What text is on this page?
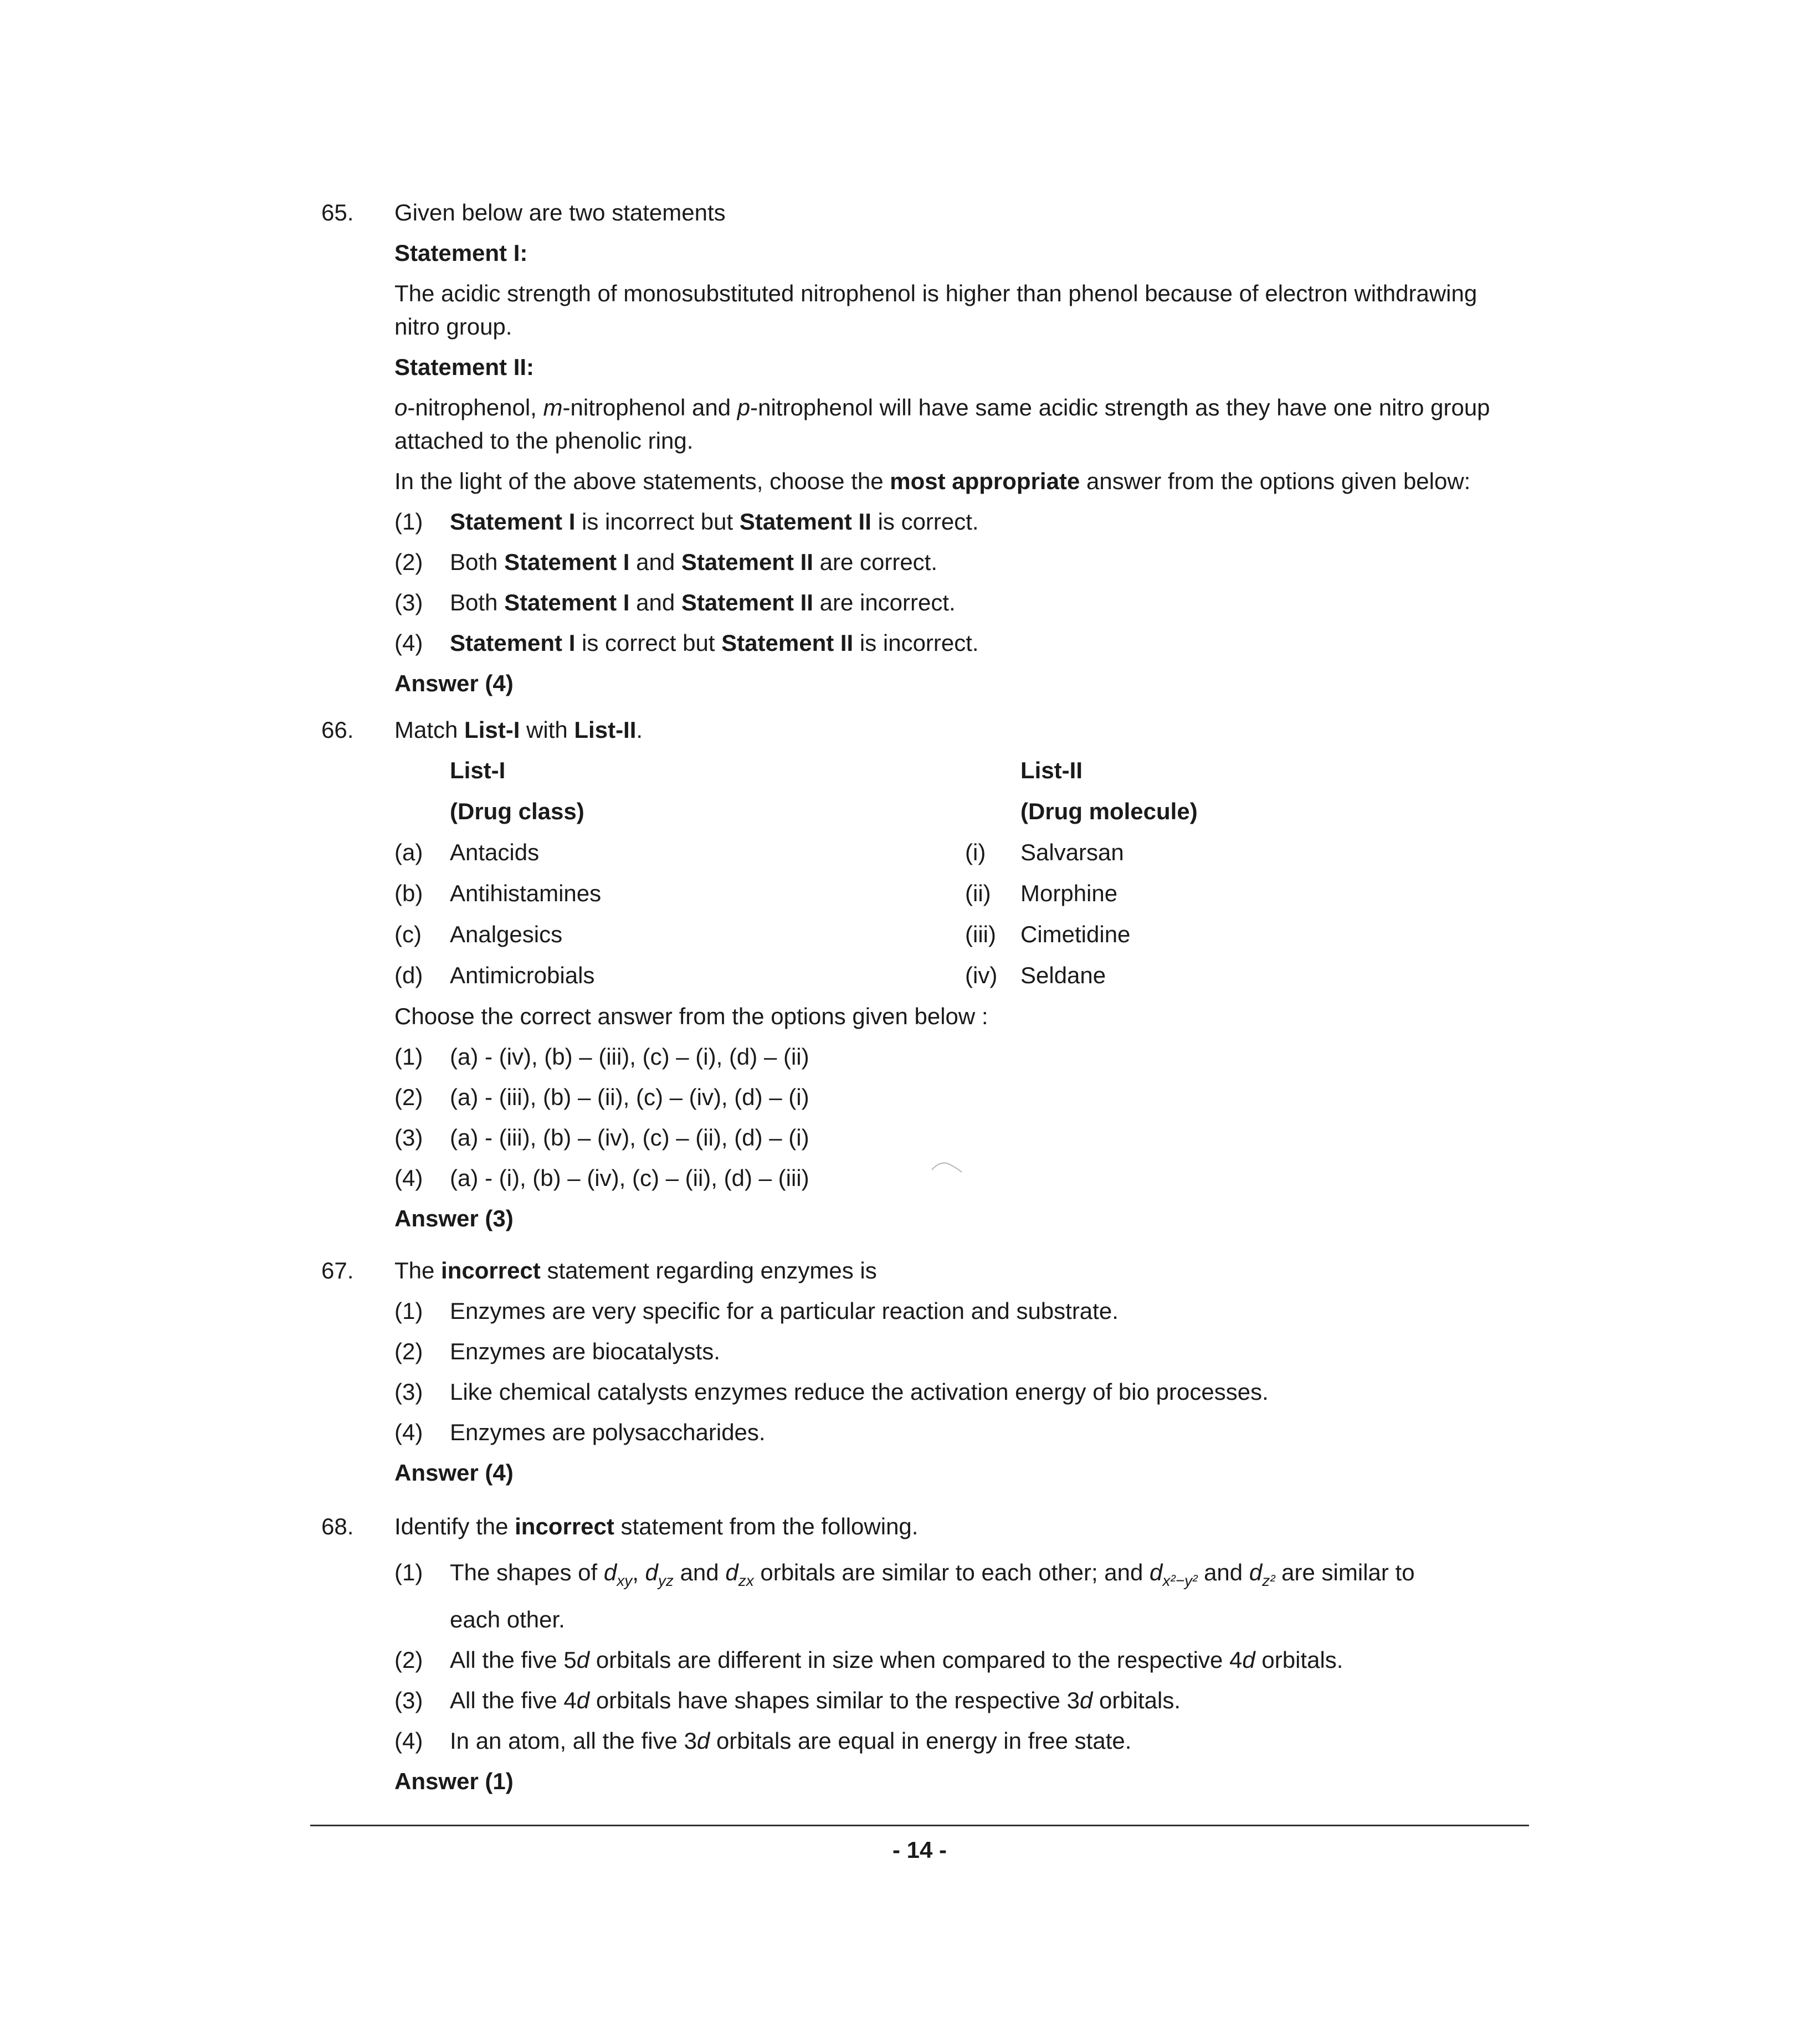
65. Given below are two statements
Statement I:
The acidic strength of monosubstituted nitrophenol is higher than phenol because of electron withdrawing
nitro group.
Statement II:
o-nitrophenol, m-nitrophenol and p-nitrophenol will have same acidic strength as they have one nitro group
attached to the phenolic ring.
In the light of the above statements, choose the most appropriate answer from the options given below:
(1) Statement I is incorrect but Statement II is correct.
(2) Both Statement I and Statement II are correct.
(3) Both Statement I and Statement II are incorrect.
(4) Statement I is correct but Statement II is incorrect.
Answer (4)
66. Match List-I with List-II.
List-I	List-II
(Drug class)	(Drug molecule)
(a) Antacids	(i) Salvarsan
(b) Antihistamines	(ii) Morphine
(c) Analgesics	(iii) Cimetidine
(d) Antimicrobials	(iv) Seldane
Choose the correct answer from the options given below :
(1) (a) - (iv), (b) – (iii), (c) – (i), (d) – (ii)
(2) (a) - (iii), (b) – (ii), (c) – (iv), (d) – (i)
(3) (a) - (iii), (b) – (iv), (c) – (ii), (d) – (i)
(4) (a) - (i), (b) – (iv), (c) – (ii), (d) – (iii)
Answer (3)
67. The incorrect statement regarding enzymes is
(1) Enzymes are very specific for a particular reaction and substrate.
(2) Enzymes are biocatalysts.
(3) Like chemical catalysts enzymes reduce the activation energy of bio processes.
(4) Enzymes are polysaccharides.
Answer (4)
68. Identify the incorrect statement from the following.
(1) The shapes of $d_{xy}$, $d_{yz}$ and $d_{zx}$ orbitals are similar to each other; and $d_{x^2-y^2}$ and $d_{z^2}$ are similar to
each other.
(2) All the five 5d orbitals are different in size when compared to the respective 4d orbitals.
(3) All the five 4d orbitals have shapes similar to the respective 3d orbitals.
(4) In an atom, all the five 3d orbitals are equal in energy in free state.
Answer (1)
- 14 -
